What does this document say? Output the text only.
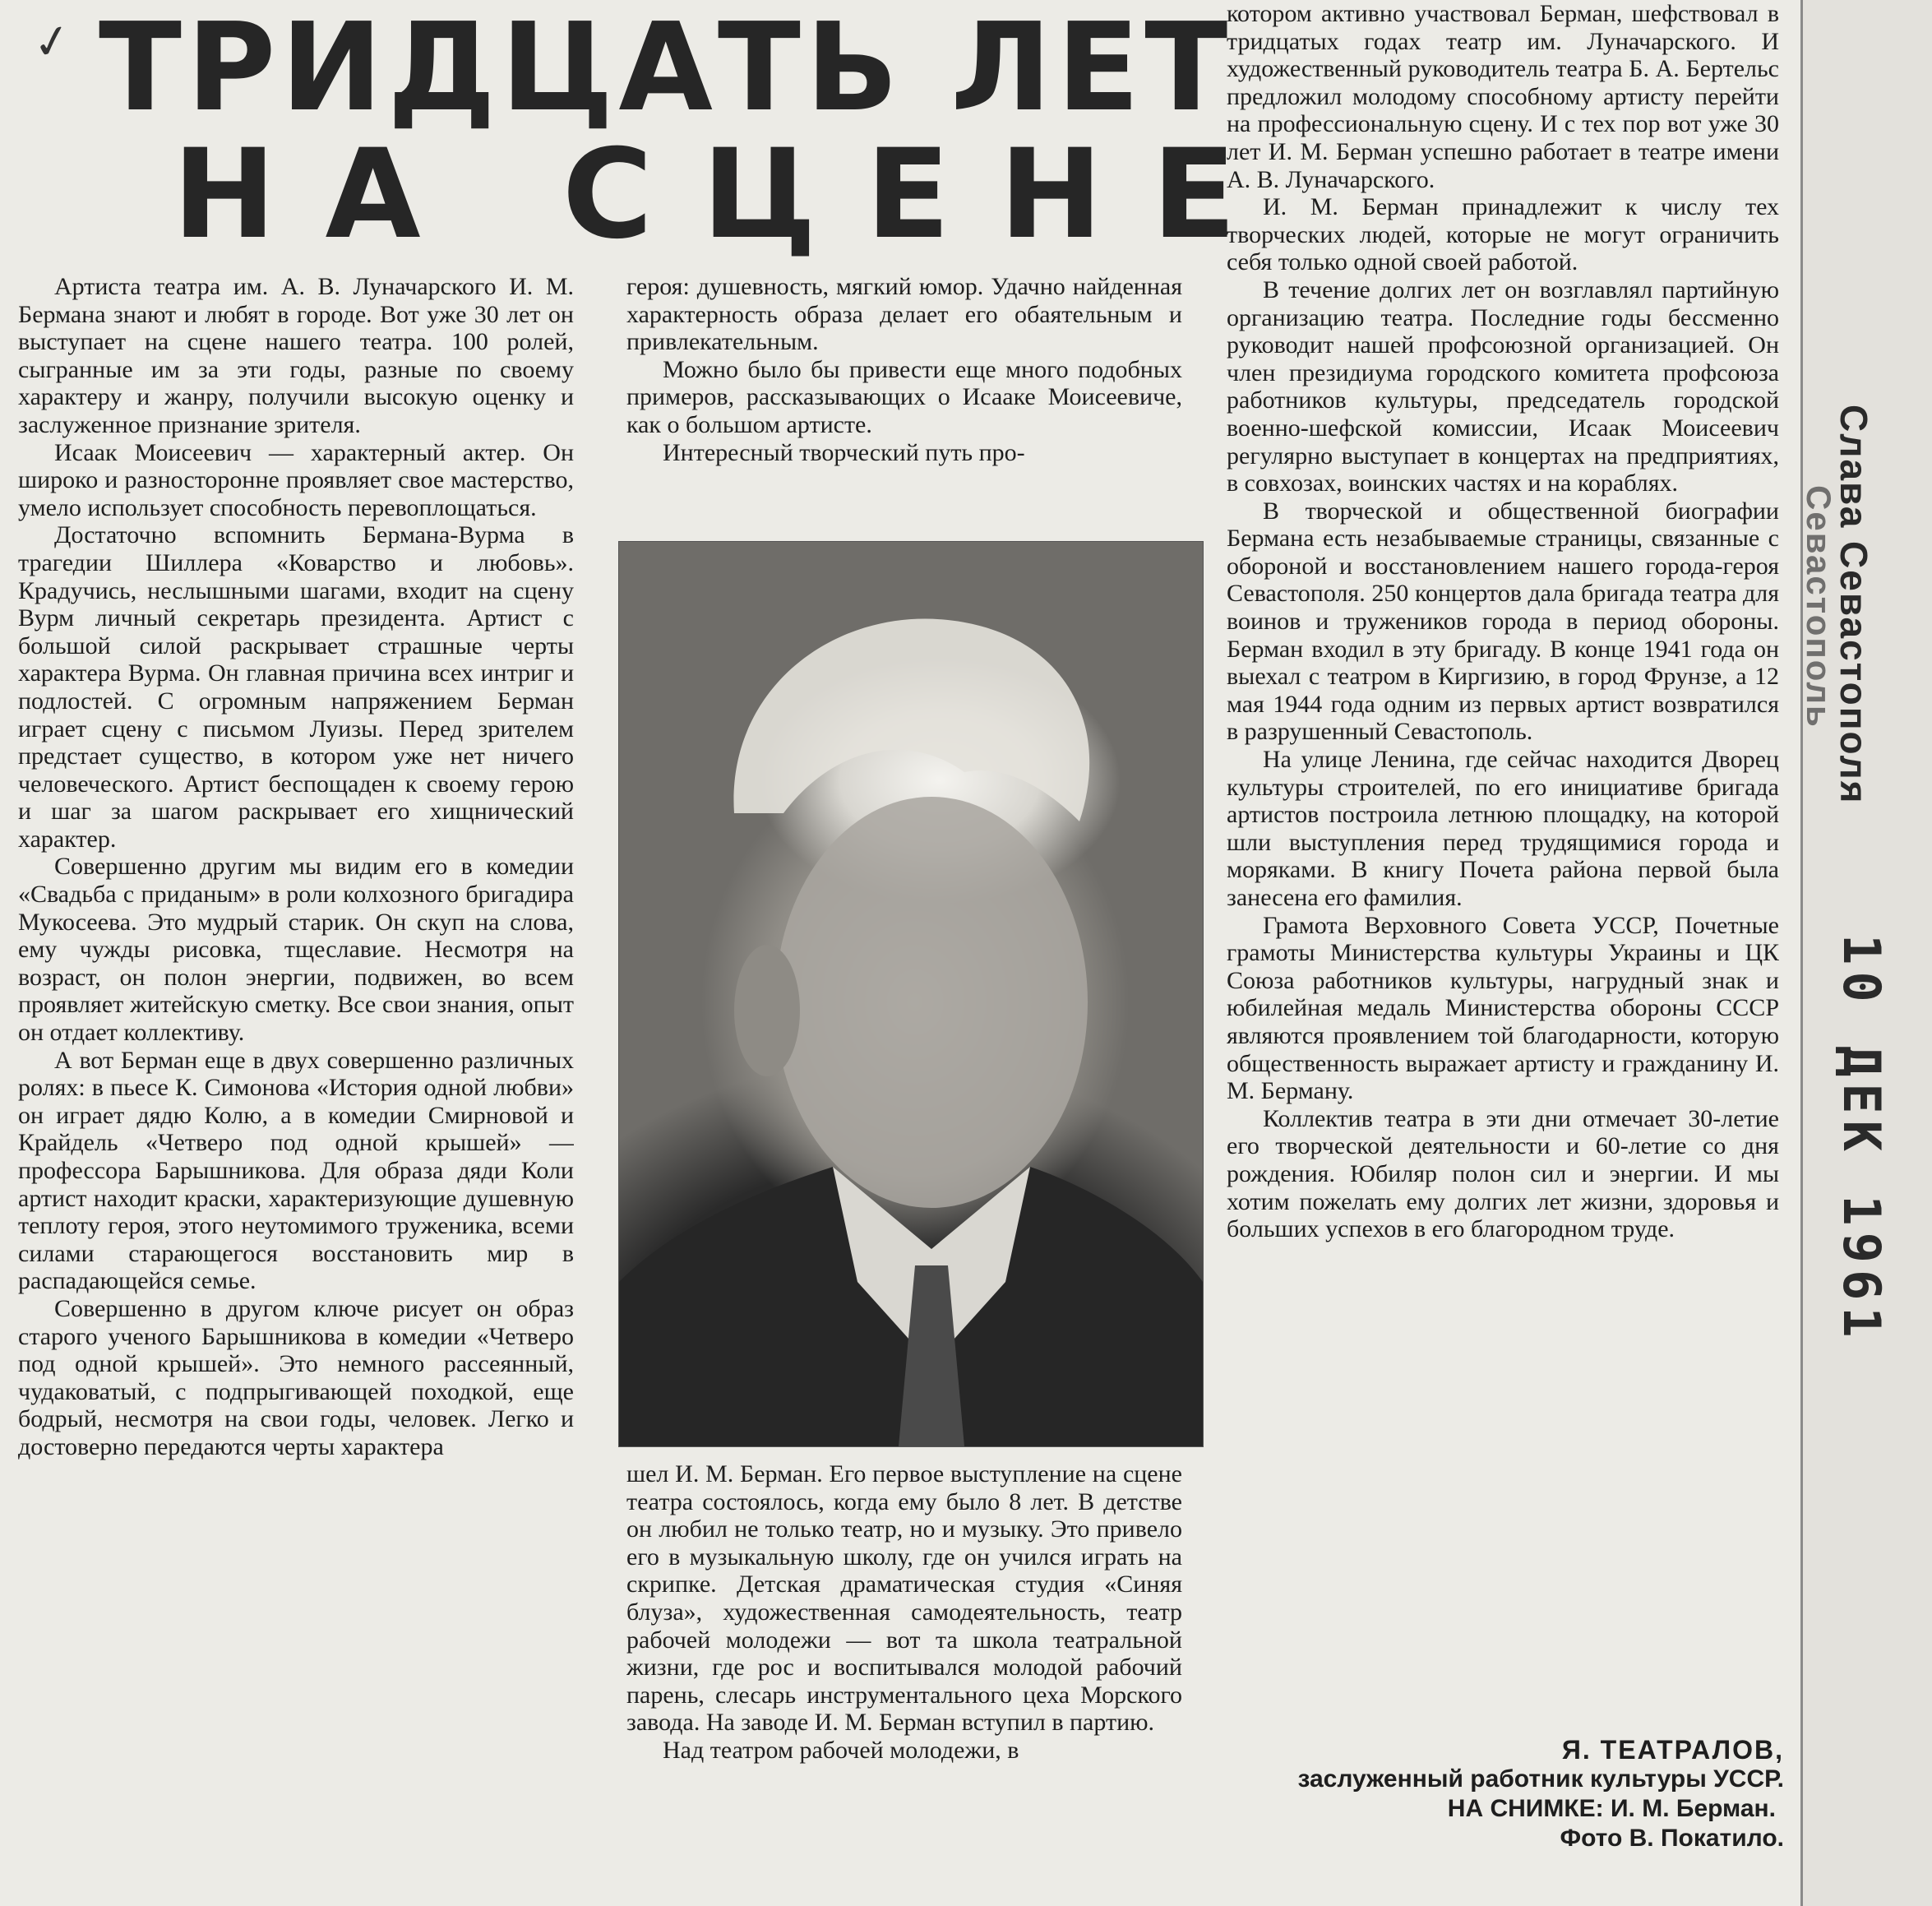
✓ ТРИДЦАТЬ ЛЕТ
НА СЦЕНЕ

Артиста театра им. А. В. Луначарского И. М. Бермана знают и любят в городе. Вот уже 30 лет он выступает на сцене нашего театра. 100 ролей, сыгранные им за эти годы, разные по своему характеру и жанру, получили высокую оценку и заслуженное признание зрителя.

Исаак Моисеевич — характерный актер. Он широко и разносторонне проявляет свое мастерство, умело использует способность перевоплощаться.

Достаточно вспомнить Бермана-Вурма в трагедии Шиллера «Коварство и любовь». Крадучись, неслышными шагами, входит на сцену Вурм личный секретарь президента. Артист с большой силой раскрывает страшные черты характера Вурма. Он главная причина всех интриг и подлостей. С огромным напряжением Берман играет сцену с письмом Луизы. Перед зрителем предстает существо, в котором уже нет ничего человеческого. Артист беспощаден к своему герою и шаг за шагом раскрывает его хищнический характер.

Совершенно другим мы видим его в комедии «Свадьба с приданым» в роли колхозного бригадира Мукосеева. Это мудрый старик. Он скуп на слова, ему чужды рисовка, тщеславие. Несмотря на возраст, он полон энергии, подвижен, во всем проявляет житейскую сметку. Все свои знания, опыт он отдает коллективу.

А вот Берман еще в двух совершенно различных ролях: в пьесе К. Симонова «История одной любви» он играет дядю Колю, а в комедии Смирновой и Крайдель «Четверо под одной крышей» — профессора Барышникова. Для образа дяди Коли артист находит краски, характеризующие душевную теплоту героя, этого неутомимого труженика, всеми силами старающегося восстановить мир в распадающейся семье.

Совершенно в другом ключе рисует он образ старого ученого Барышникова в комедии «Четверо под одной крышей». Это немного рассеянный, чудаковатый, с подпрыгивающей походкой, еще бодрый, несмотря на свои годы, человек. Легко и достоверно передаются черты характера

героя: душевность, мягкий юмор. Удачно найденная характерность образа делает его обаятельным и привлекательным.

Можно было бы привести еще много подобных примеров, рассказывающих о Исааке Моисеевиче, как о большом артисте.

Интересный творческий путь про-

шел И. М. Берман. Его первое выступление на сцене театра состоялось, когда ему было 8 лет. В детстве он любил не только театр, но и музыку. Это привело его в музыкальную школу, где он учился играть на скрипке. Детская драматическая студия «Синяя блуза», художественная самодеятельность, театр рабочей молодежи — вот та школа театральной жизни, где рос и воспитывался молодой рабочий парень, слесарь инструментального цеха Морского завода. На заводе И. М. Берман вступил в партию.

Над театром рабочей молодежи, в

котором активно участвовал Берман, шефствовал в тридцатых годах театр им. Луначарского. И художественный руководитель театра Б. А. Бертельс предложил молодому способному артисту перейти на профессиональную сцену. И с тех пор вот уже 30 лет И. М. Берман успешно работает в театре имени А. В. Луначарского.

И. М. Берман принадлежит к числу тех творческих людей, которые не могут ограничить себя только одной своей работой.

В течение долгих лет он возглавлял партийную организацию театра. Последние годы бессменно руководит нашей профсоюзной организацией. Он член президиума городского комитета профсоюза работников культуры, председатель городской военно-шефской комиссии, Исаак Моисеевич регулярно выступает в концертах на предприятиях, в совхозах, воинских частях и на кораблях.

В творческой и общественной биографии Бермана есть незабываемые страницы, связанные с обороной и восстановлением нашего города-героя Севастополя. 250 концертов дала бригада театра для воинов и тружеников города в период обороны. Берман входил в эту бригаду. В конце 1941 года он выехал с театром в Киргизию, в город Фрунзе, а 12 мая 1944 года одним из первых артист возвратился в разрушенный Севастополь.

На улице Ленина, где сейчас находится Дворец культуры строителей, по его инициативе бригада артистов построила летнюю площадку, на которой шли выступления перед трудящимися города и моряками. В книгу Почета района первой была занесена его фамилия.

Грамота Верховного Совета УССР, Почетные грамоты Министерства культуры Украины и ЦК Союза работников культуры, нагрудный знак и юбилейная медаль Министерства обороны СССР являются проявлением той благодарности, которую общественность выражает артисту и гражданину И. М. Берману.

Коллектив театра в эти дни отмечает 30-летие его творческой деятельности и 60-летие со дня рождения. Юбиляр полон сил и энергии. И мы хотим пожелать ему долгих лет жизни, здоровья и больших успехов в его благородном труде.

Я. ТЕАТРАЛОВ,
заслуженный работник культуры УССР.
НА СНИМКЕ: И. М. Берман.
Фото В. Покатило.
Севастополь
Слава Севастополя
10 ДЕК 1961
